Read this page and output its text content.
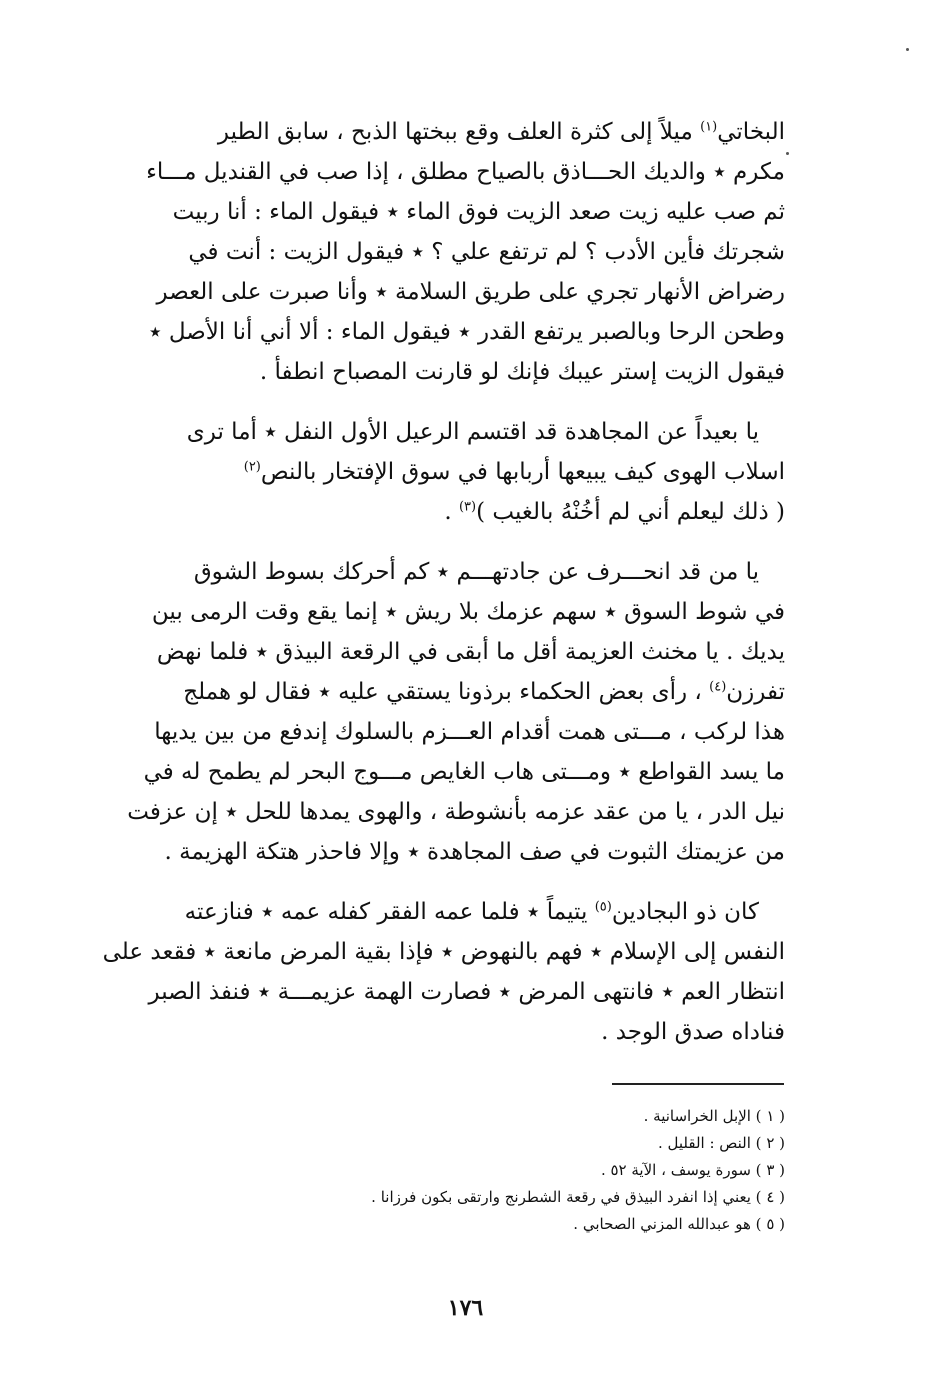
البخاتي$^{(١)}$ ميلاً إلى كثرة العلف وقع ببختها الذبح ، سابق الطير
مكرم ٭ والديك الحـــاذق بالصياح مطلق ، إذا صب في القنديل مـــاء
ثم صب عليه زيت صعد الزيت فوق الماء ٭ فيقول الماء : أنا ربيت
شجرتك فأين الأدب ؟ لم ترتفع علي ؟ ٭ فيقول الزيت : أنت في
رضراض الأنهار تجري على طريق السلامة ٭ وأنا صبرت على العصر
وطحن الرحا وبالصبر يرتفع القدر ٭ فيقول الماء : ألا أني أنا الأصل ٭
فيقول الزيت إستر عيبك فإنك لو قارنت المصباح انطفأ .
يا بعيداً عن المجاهدة قد اقتسم الرعيل الأول النفل ٭ أما ترى
اسلاب الهوى كيف يبيعها أربابها في سوق الإفتخار بالنص$^{(٢)}$
( ذلك ليعلم أني لم أخُنْهُ بالغيب )$^{(٣)}$ .
يا من قد انحـــرف عن جادتهـــم ٭ كم أحركك بسوط الشوق
في شوط السوق ٭ سهم عزمك بلا ريش ٭ إنما يقع وقت الرمى بين
يديك . يا مخنث العزيمة أقل ما أبقى في الرقعة البيذق ٭ فلما نهض
تفرزن$^{(٤)}$ ، رأى بعض الحكماء برذونا يستقي عليه ٭ فقال لو هملج
هذا لركب ، مـــتى همت أقدام العـــزم بالسلوك إندفع من بين يديها
ما يسد القواطع ٭ ومـــتى هاب الغايص مـــوج البحر لم يطمح له في
نيل الدر ، يا من عقد عزمه بأنشوطة ، والهوى يمدها للحل ٭ إن عزفت
من عزيمتك الثبوت في صف المجاهدة ٭ وإلا فاحذر هتكة الهزيمة .
كان ذو البجادين$^{(٥)}$ يتيماً ٭ فلما عمه الفقر كفله عمه ٭ فنازعته
النفس إلى الإسلام ٭ فهم بالنهوض ٭ فإذا بقية المرض مانعة ٭ فقعد على
انتظار العم ٭ فانتهى المرض ٭ فصارت الهمة عزيمـــة ٭ فنفذ الصبر
فناداه صدق الوجد .
( ١ ) الإبل الخراسانية .
( ٢ ) النص : القليل .
( ٣ ) سورة يوسف ، الآية ٥٢ .
( ٤ ) يعني إذا انفرد البيذق في رقعة الشطرنج وارتقى بكون فرزانا .
( ٥ ) هو عبدالله المزني الصحابي .
١٧٦
